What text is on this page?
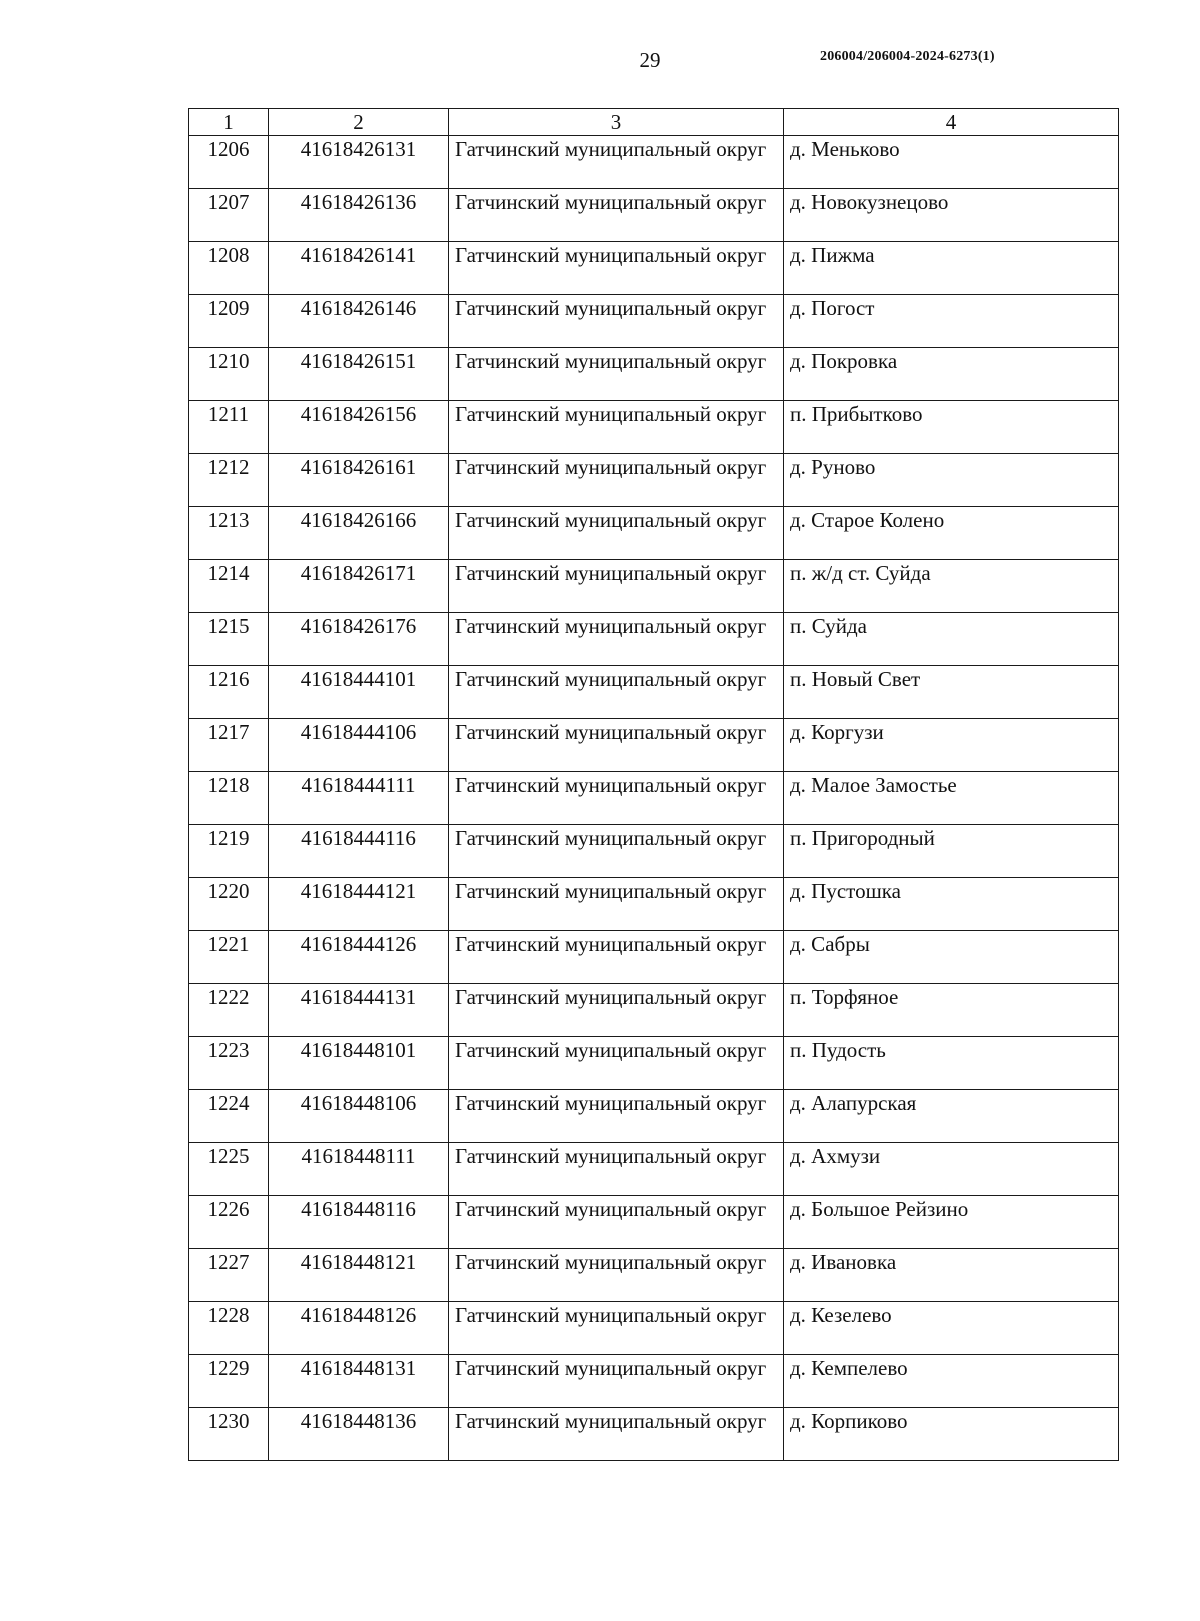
29	206004/206004-2024-6273(1)
1	2	3	4
1206	41618426131	Гатчинский муниципальный округ	д. Меньково
1207	41618426136	Гатчинский муниципальный округ	д. Новокузнецово
1208	41618426141	Гатчинский муниципальный округ	д. Пижма
1209	41618426146	Гатчинский муниципальный округ	д. Погост
1210	41618426151	Гатчинский муниципальный округ	д. Покровка
1211	41618426156	Гатчинский муниципальный округ	п. Прибытково
1212	41618426161	Гатчинский муниципальный округ	д. Руново
1213	41618426166	Гатчинский муниципальный округ	д. Старое Колено
1214	41618426171	Гатчинский муниципальный округ	п. ж/д ст. Суйда
1215	41618426176	Гатчинский муниципальный округ	п. Суйда
1216	41618444101	Гатчинский муниципальный округ	п. Новый Свет
1217	41618444106	Гатчинский муниципальный округ	д. Коргузи
1218	41618444111	Гатчинский муниципальный округ	д. Малое Замостье
1219	41618444116	Гатчинский муниципальный округ	п. Пригородный
1220	41618444121	Гатчинский муниципальный округ	д. Пустошка
1221	41618444126	Гатчинский муниципальный округ	д. Сабры
1222	41618444131	Гатчинский муниципальный округ	п. Торфяное
1223	41618448101	Гатчинский муниципальный округ	п. Пудость
1224	41618448106	Гатчинский муниципальный округ	д. Алапурская
1225	41618448111	Гатчинский муниципальный округ	д. Ахмузи
1226	41618448116	Гатчинский муниципальный округ	д. Большое Рейзино
1227	41618448121	Гатчинский муниципальный округ	д. Ивановка
1228	41618448126	Гатчинский муниципальный округ	д. Кезелево
1229	41618448131	Гатчинский муниципальный округ	д. Кемпелево
1230	41618448136	Гатчинский муниципальный округ	д. Корпиково
